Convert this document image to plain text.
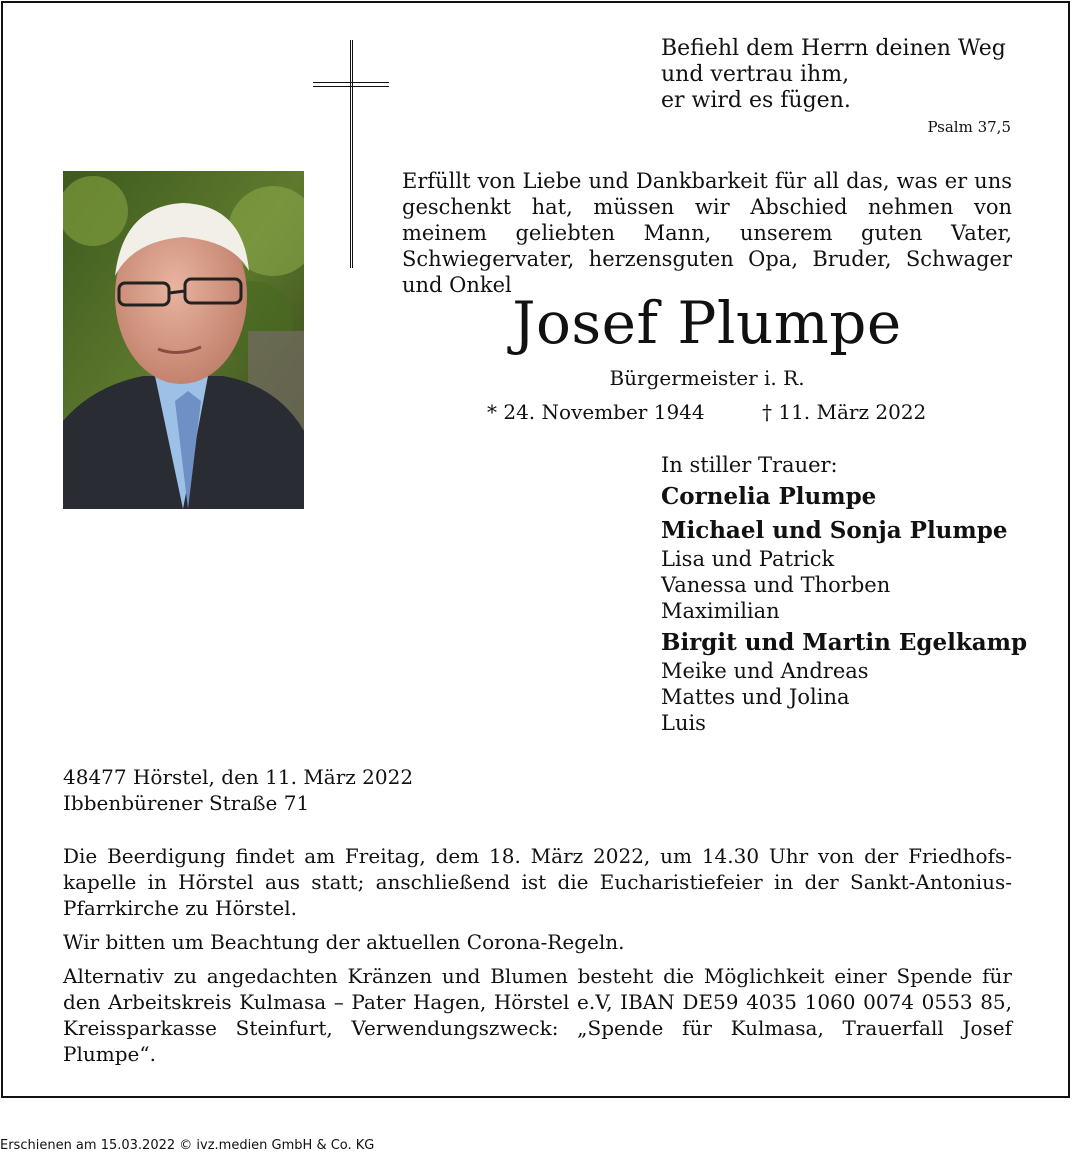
Befiehl dem Herrn deinen Weg
und vertrau ihm,
er wird es fügen.
Psalm 37,5
Erfüllt von Liebe und Dankbarkeit für all das, was er uns geschenkt hat, müssen wir Abschied nehmen von meinem geliebten Mann, unserem guten Vater, Schwiegervater, herzensguten Opa, Bruder, Schwager und Onkel
Josef Plumpe
Bürgermeister i. R.
* 24. November 1944	† 11. März 2022
In stiller Trauer:
Cornelia Plumpe
Michael und Sonja Plumpe
Lisa und Patrick
Vanessa und Thorben
Maximilian
Birgit und Martin Egelkamp
Meike und Andreas
Mattes und Jolina
Luis
48477 Hörstel, den 11. März 2022
Ibbenbürener Straße 71

Die Beerdigung findet am Freitag, dem 18. März 2022, um 14.30 Uhr von der Friedhofskapelle in Hörstel aus statt; anschließend ist die Eucharistiefeier in der Sankt-Antonius-Pfarrkirche zu Hörstel.

Wir bitten um Beachtung der aktuellen Corona-Regeln.

Alternativ zu angedachten Kränzen und Blumen besteht die Möglichkeit einer Spende für den Arbeitskreis Kulmasa – Pater Hagen, Hörstel e.V, IBAN DE59 4035 1060 0074 0553 85, Kreissparkasse Steinfurt, Verwendungszweck: „Spende für Kulmasa, Trauerfall Josef Plumpe“.

Erschienen am 15.03.2022 © ivz.medien GmbH & Co. KG
